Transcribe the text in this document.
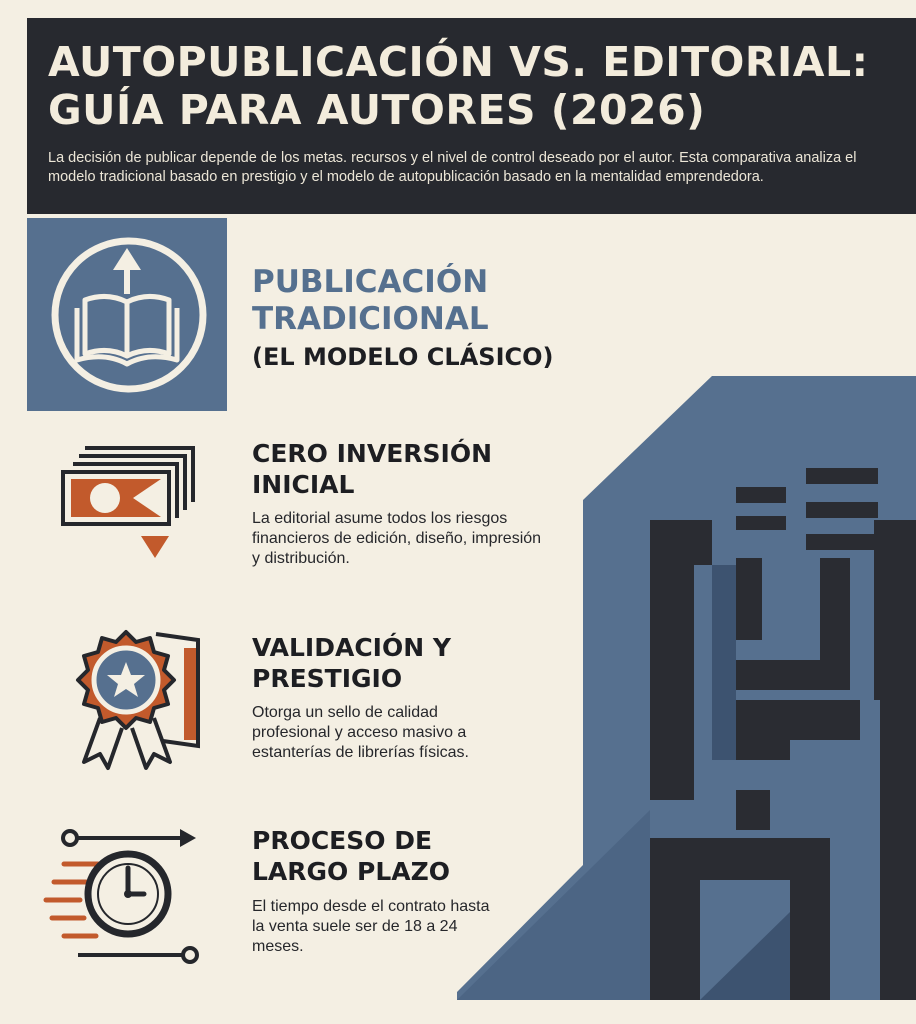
AUTOPUBLICACIÓN VS. EDITORIAL:
GUÍA PARA AUTORES (2026)

La decisión de publicar depende de los metas. recursos y el nivel de control deseado por el autor. Esta comparativa analiza el modelo tradicional basado en prestigio y el modelo de autopublicación basado en la mentalidad emprendedora.

PUBLICACIÓN
TRADICIONAL
(EL MODELO CLÁSICO)
CERO INVERSIÓN
INICIAL

La editorial asume todos los riesgos financieros de edición, diseño, impresión y distribución.

VALIDACIÓN Y
PRESTIGIO

Otorga un sello de calidad profesional y acceso masivo a estanterías de librerías físicas.

PROCESO DE
LARGO PLAZO

El tiempo desde el contrato hasta la venta suele ser de 18 a 24 meses.
